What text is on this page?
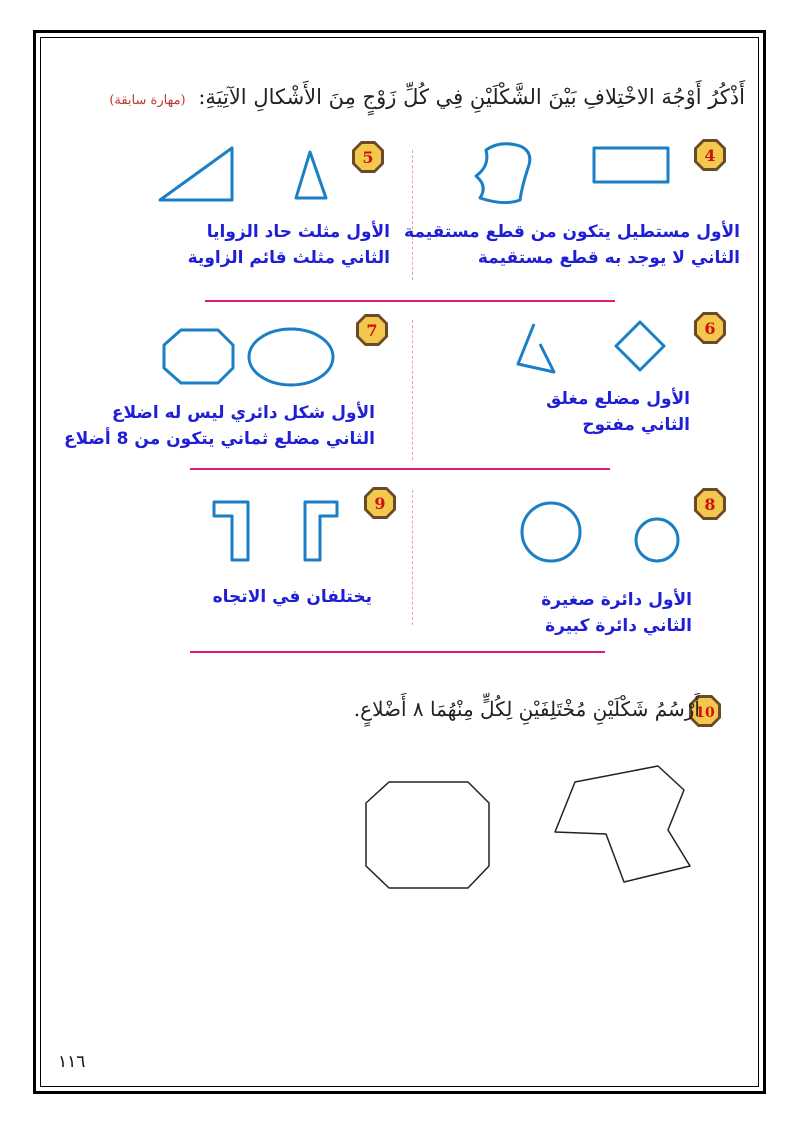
أَذْكُرُ أَوْجُهَ الاخْتِلافِ بَيْنَ الشَّكْلَيْنِ فِي كُلِّ زَوْجٍ مِنَ الأَشْكالِ الآتِيَةِ: (مهارة سابقة)
4
5
6
7
8
9
10
الأول مستطيل يتكون من قطع مستقيمة
الثاني لا يوجد به قطع مستقيمة
الأول مثلث حاد الزوايا
الثاني مثلث قائم الزاوية
الأول مضلع مغلق
الثاني مفتوح
الأول شكل دائري ليس له اضلاع
الثاني مضلع ثماني يتكون من 8 أضلاع
الأول دائرة صغيرة
الثاني دائرة كبيرة
يختلفان في الاتجاه
أَرْسُمُ شَكْلَيْنِ مُخْتَلِفَيْنِ لِكُلٍّ مِنْهُمَا ٨ أَضْلاعٍ.
١١٦
